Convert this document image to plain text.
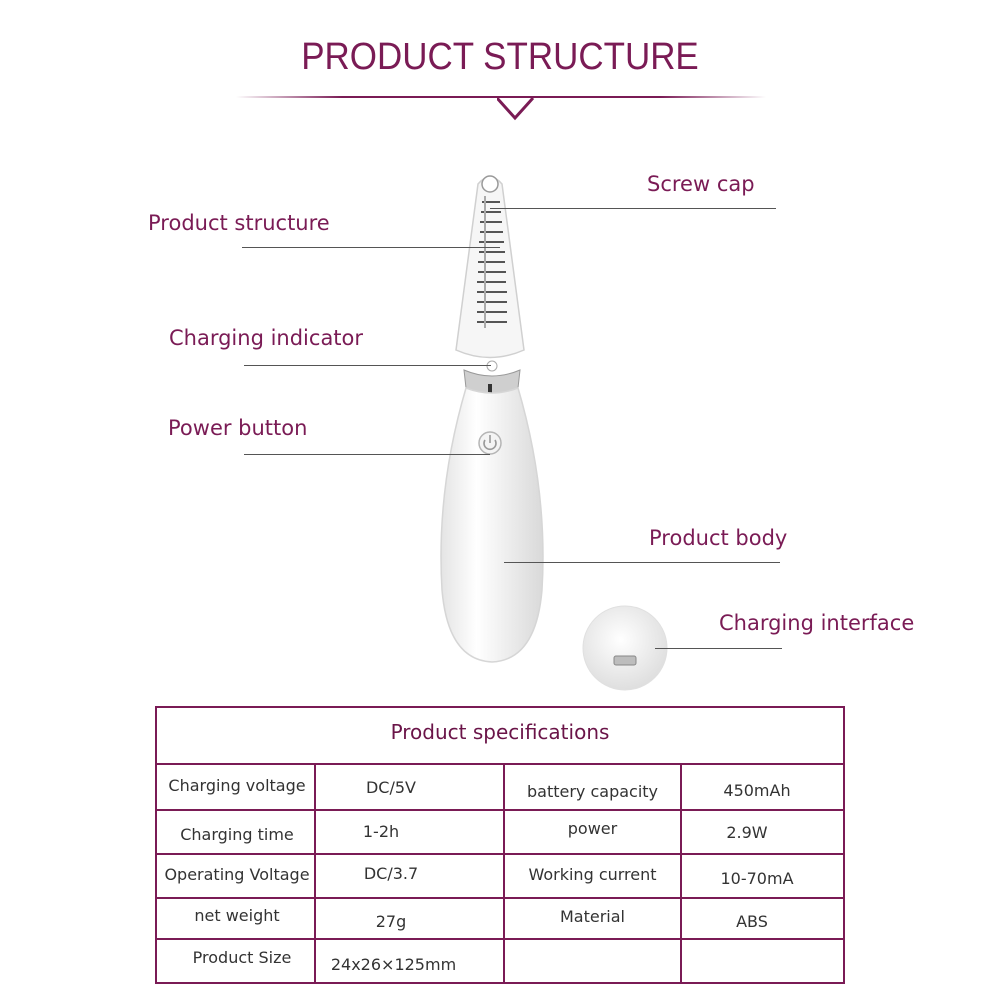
PRODUCT STRUCTURE
Screw cap
Product structure
Charging indicator
Power button
Product body
Charging interface
Product specifications
Charging voltage	DC/5V	battery capacity	450mAh
Charging time	1-2h	power	2.9W
Operating Voltage	DC/3.7	Working current	10-70mA
net weight	27g	Material	ABS
Product Size	24x26×125mm
